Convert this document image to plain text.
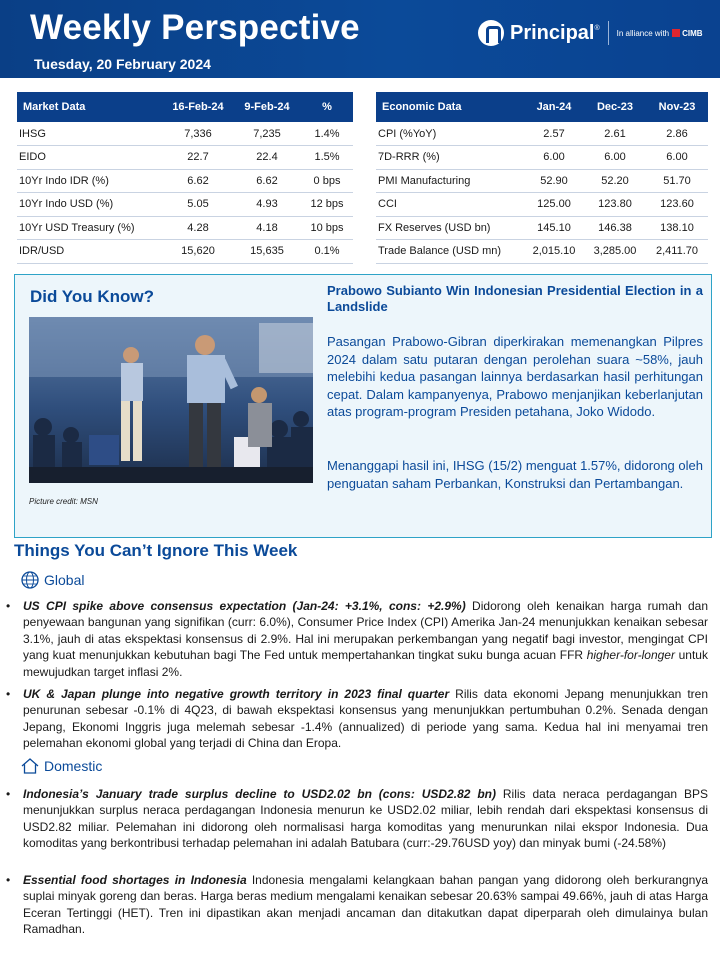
Weekly Perspective
Tuesday, 20 February 2024
Principal ®
In alliance with CIMB
Market Data	16-Feb-24	9-Feb-24	%
IHSG	7,336	7,235	1.4%
EIDO	22.7	22.4	1.5%
10Yr Indo IDR (%)	6.62	6.62	0 bps
10Yr Indo USD (%)	5.05	4.93	12 bps
10Yr USD Treasury (%)	4.28	4.18	10 bps
IDR/USD	15,620	15,635	0.1%
Economic Data	Jan-24	Dec-23	Nov-23
CPI (%YoY)	2.57	2.61	2.86
7D-RRR (%)	6.00	6.00	6.00
PMI Manufacturing	52.90	52.20	51.70
CCI	125.00	123.80	123.60
FX Reserves (USD bn)	145.10	146.38	138.10
Trade Balance (USD mn)	2,015.10	3,285.00	2,411.70
Did You Know?
Picture credit: MSN
Prabowo Subianto Win Indonesian Presidential Election in a Landslide
Pasangan Prabowo-Gibran diperkirakan memenangkan Pilpres 2024 dalam satu putaran dengan perolehan suara ~58%, jauh melebihi kedua pasangan lainnya berdasarkan hasil perhitungan cepat. Dalam kampanyenya, Prabowo menjanjikan keberlanjutan atas program-program Presiden petahana, Joko Widodo.
Menanggapi hasil ini, IHSG (15/2) menguat 1.57%, didorong oleh penguatan saham Perbankan, Konstruksi dan Pertambangan.
Things You Can’t Ignore This Week
Global
• US CPI spike above consensus expectation (Jan-24: +3.1%, cons: +2.9%) Didorong oleh kenaikan harga rumah dan penyewaan bangunan yang signifikan (curr: 6.0%), Consumer Price Index (CPI) Amerika Jan-24 menunjukkan kenaikan sebesar 3.1%, jauh di atas ekspektasi konsensus di 2.9%. Hal ini merupakan perkembangan yang negatif bagi investor, mengingat CPI yang kuat menunjukkan kebutuhan bagi The Fed untuk mempertahankan tingkat suku bunga acuan FFR higher-for-longer untuk mewujudkan target inflasi 2%.
• UK & Japan plunge into negative growth territory in 2023 final quarter Rilis data ekonomi Jepang menunjukkan tren penurunan sebesar -0.1% di 4Q23, di bawah ekspektasi konsensus yang menunjukkan pertumbuhan 0.2%. Senada dengan Jepang, Ekonomi Inggris juga melemah sebesar -1.4% (annualized) di periode yang sama. Kedua hal ini menyamai tren pelemahan ekonomi global yang terjadi di China dan Eropa.
Domestic
• Indonesia’s January trade surplus decline to USD2.02 bn (cons: USD2.82 bn) Rilis data neraca perdagangan BPS menunjukkan surplus neraca perdagangan Indonesia menurun ke USD2.02 miliar, lebih rendah dari ekspektasi konsensus di USD2.82 miliar. Pelemahan ini didorong oleh normalisasi harga komoditas yang menurunkan nilai ekspor Indonesia. Dua komoditas yang berkontribusi terhadap pelemahan ini adalah Batubara (curr:-29.76USD yoy) dan minyak bumi (-24.58%)
• Essential food shortages in Indonesia Indonesia mengalami kelangkaan bahan pangan yang didorong oleh berkurangnya suplai minyak goreng dan beras. Harga beras medium mengalami kenaikan sebesar 20.63% sampai 49.66%, jauh di atas Harga Eceran Tertinggi (HET). Tren ini dipastikan akan menjadi ancaman dan ditakutkan dapat diperparah oleh dimulainya bulan Ramadhan.
